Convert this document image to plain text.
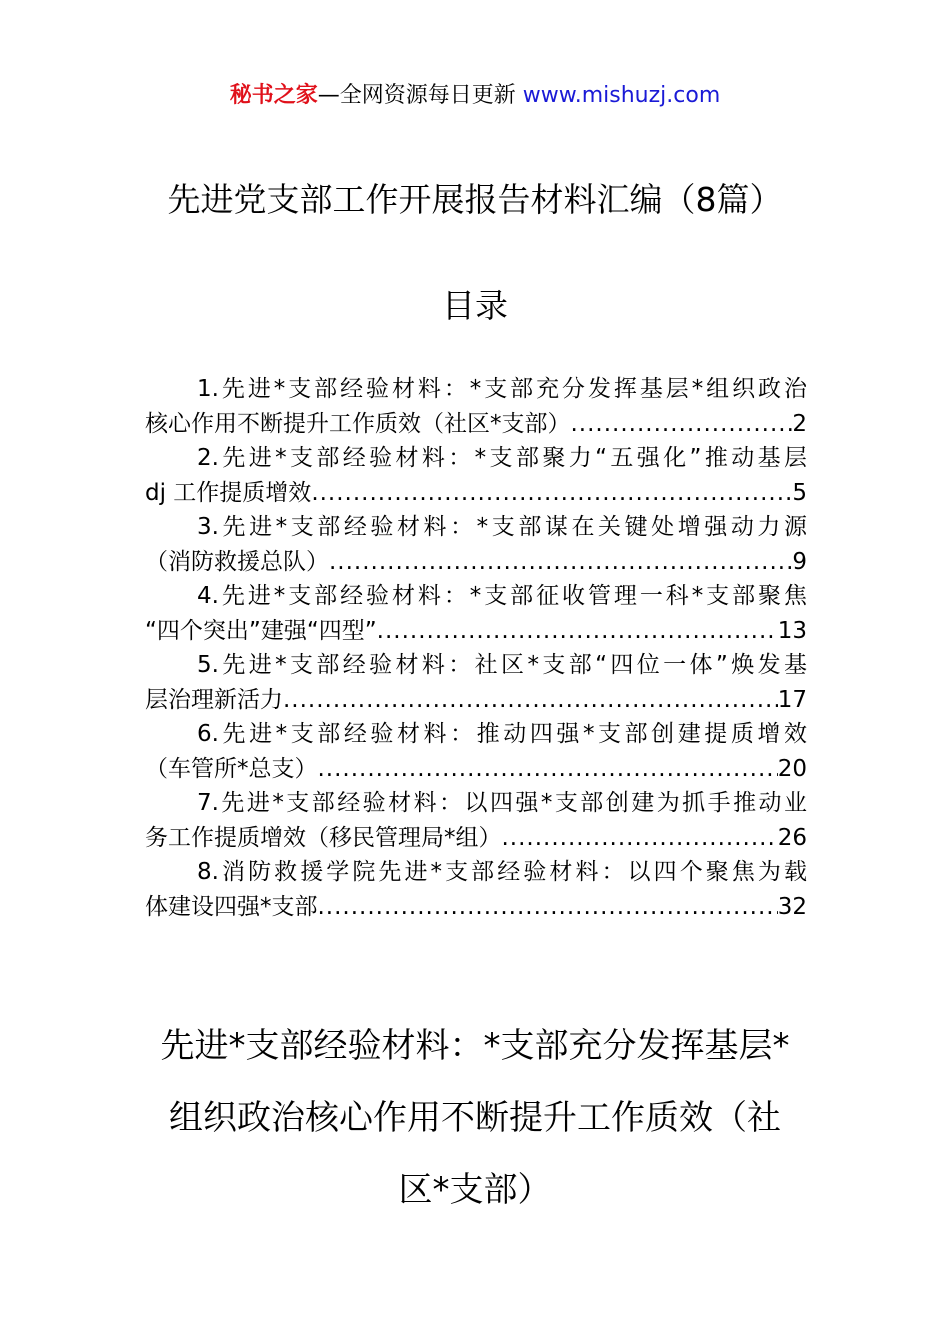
秘书之家—全网资源每日更新 www.mishuzj.com
先进党支部工作开展报告材料汇编（8篇）
目录
1.先进*支部经验材料：*支部充分发挥基层*组织政治
核心作用不断提升工作质效（社区*支部） .....	2
2.先进*支部经验材料：*支部聚力“五强化”推动基层
dj 工作提质增效 .....	5
3.先进*支部经验材料：*支部谋在关键处增强动力源
（消防救援总队） .....	9
4.先进*支部经验材料：*支部征收管理一科*支部聚焦
“四个突出”建强“四型” .....	13
5.先进*支部经验材料：社区*支部“四位一体”焕发基
层治理新活力 .....	17
6.先进*支部经验材料：推动四强*支部创建提质增效
（车管所*总支） .....	20
7.先进*支部经验材料：以四强*支部创建为抓手推动业
务工作提质增效（移民管理局*组） .....	26
8.消防救援学院先进*支部经验材料：以四个聚焦为载
体建设四强*支部 .....	32
先进*支部经验材料：*支部充分发挥基层*
组织政治核心作用不断提升工作质效（社
区*支部）
